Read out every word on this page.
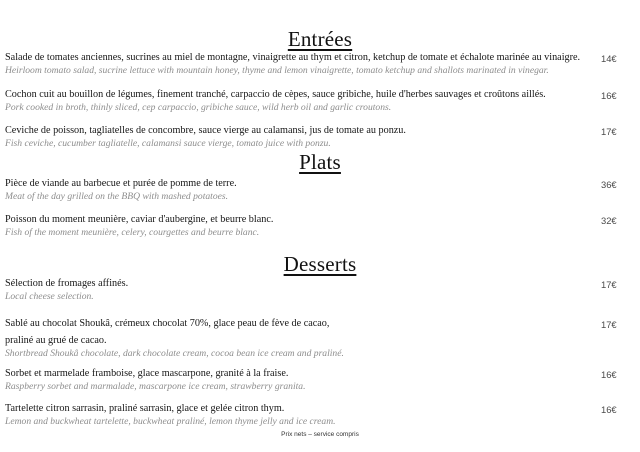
Entrées
Salade de tomates anciennes, sucrines au miel de montagne, vinaigrette au thym et citron, ketchup de tomate et échalote marinée au vinaigre.
Heirloom tomato salad, sucrine lettuce with mountain honey, thyme and lemon vinaigrette, tomato ketchup and shallots marinated in vinegar.
14€
Cochon cuit au bouillon de légumes, finement tranché, carpaccio de cèpes, sauce gribiche, huile d'herbes sauvages et croûtons aillés.
Pork cooked in broth, thinly sliced, cep carpaccio, gribiche sauce, wild herb oil and garlic croutons.
16€
Ceviche de poisson, tagliatelles de concombre, sauce vierge au calamansi, jus de tomate au ponzu.
Fish ceviche, cucumber tagliatelle, calamansi sauce vierge, tomato juice with ponzu.
17€
Plats
Pièce de viande au barbecue et purée de pomme de terre.
Meat of the day grilled on the BBQ with mashed potatoes.
36€
Poisson du moment meunière, caviar d'aubergine, et beurre blanc.
Fish of the moment meunière, celery, courgettes and beurre blanc.
32€
Desserts
Sélection de fromages affinés.
Local cheese selection.
17€
Sablé au chocolat Shoukâ, crémeux chocolat 70%, glace peau de fève de cacao,
praliné au grué de cacao.
Shortbread Shoukâ chocolate, dark chocolate cream, cocoa bean ice cream and praliné.
17€
Sorbet et marmelade framboise, glace mascarpone, granité à la fraise.
Raspberry sorbet and marmalade, mascarpone ice cream, strawberry granita.
16€
Tartelette citron sarrasin, praliné sarrasin, glace et gelée citron thym.
Lemon and buckwheat tartelette, buckwheat praliné, lemon thyme jelly and ice cream.
16€
Prix nets – service compris
